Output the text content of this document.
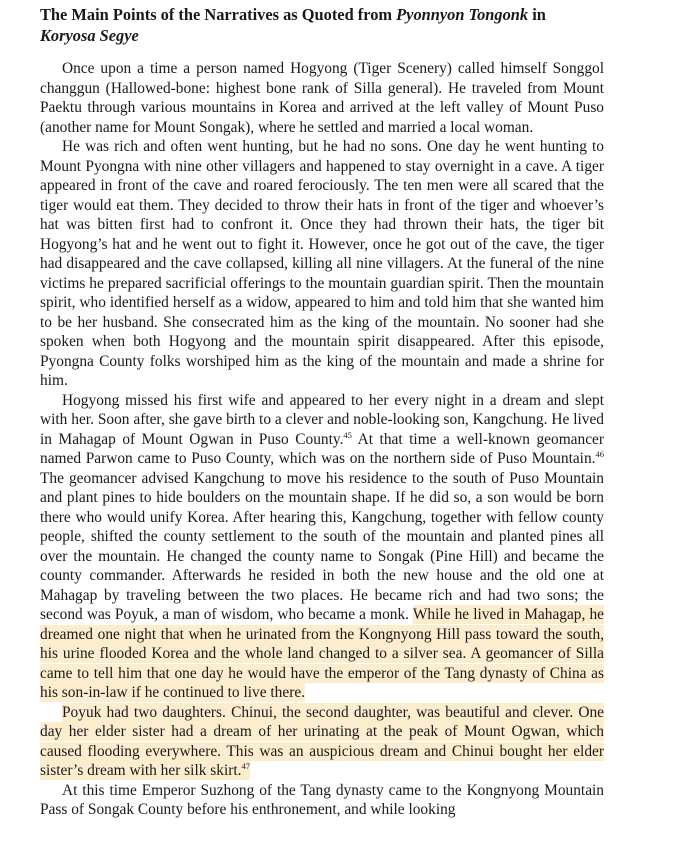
The Main Points of the Narratives as Quoted from Pyonnyon Tongonk in
Koryosa Segye

Once upon a time a person named Hogyong (Tiger Scenery) called himself Songgol changgun (Hallowed-bone: highest bone rank of Silla general). He traveled from Mount Paektu through various mountains in Korea and arrived at the left valley of Mount Puso (another name for Mount Songak), where he settled and married a local woman.

He was rich and often went hunting, but he had no sons. One day he went hunting to Mount Pyongna with nine other villagers and happened to stay overnight in a cave. A tiger appeared in front of the cave and roared ferociously. The ten men were all scared that the tiger would eat them. They decided to throw their hats in front of the tiger and whoever’s hat was bitten first had to confront it. Once they had thrown their hats, the tiger bit Hogyong’s hat and he went out to fight it. However, once he got out of the cave, the tiger had disappeared and the cave collapsed, killing all nine villagers. At the funeral of the nine victims he prepared sacrificial offerings to the mountain guardian spirit. Then the mountain spirit, who identified herself as a widow, appeared to him and told him that she wanted him to be her husband. She consecrated him as the king of the mountain. No sooner had she spoken when both Hogyong and the mountain spirit disappeared. After this episode, Pyongna County folks worshiped him as the king of the mountain and made a shrine for him.

Hogyong missed his first wife and appeared to her every night in a dream and slept with her. Soon after, she gave birth to a clever and noble-looking son, Kangchung. He lived in Mahagap of Mount Ogwan in Puso County.$^{45}$ At that time a well-known geomancer named Parwon came to Puso County, which was on the northern side of Puso Mountain.$^{46}$ The geomancer advised Kangchung to move his residence to the south of Puso Mountain and plant pines to hide boulders on the mountain shape. If he did so, a son would be born there who would unify Korea. After hearing this, Kangchung, together with fellow county people, shifted the county settlement to the south of the mountain and planted pines all over the mountain. He changed the county name to Songak (Pine Hill) and became the county commander. Afterwards he resided in both the new house and the old one at Mahagap by traveling between the two places. He became rich and had two sons; the second was Poyuk, a man of wisdom, who became a monk. While he lived in Mahagap, he dreamed one night that when he urinated from the Kongnyong Hill pass toward the south, his urine flooded Korea and the whole land changed to a silver sea. A geomancer of Silla came to tell him that one day he would have the emperor of the Tang dynasty of China as his son-in-law if he continued to live there.

Poyuk had two daughters. Chinui, the second daughter, was beautiful and clever. One day her elder sister had a dream of her urinating at the peak of Mount Ogwan, which caused flooding everywhere. This was an auspicious dream and Chinui bought her elder sister’s dream with her silk skirt.$^{47}$

At this time Emperor Suzhong of the Tang dynasty came to the Kongnyong Mountain Pass of Songak County before his enthronement, and while looking
